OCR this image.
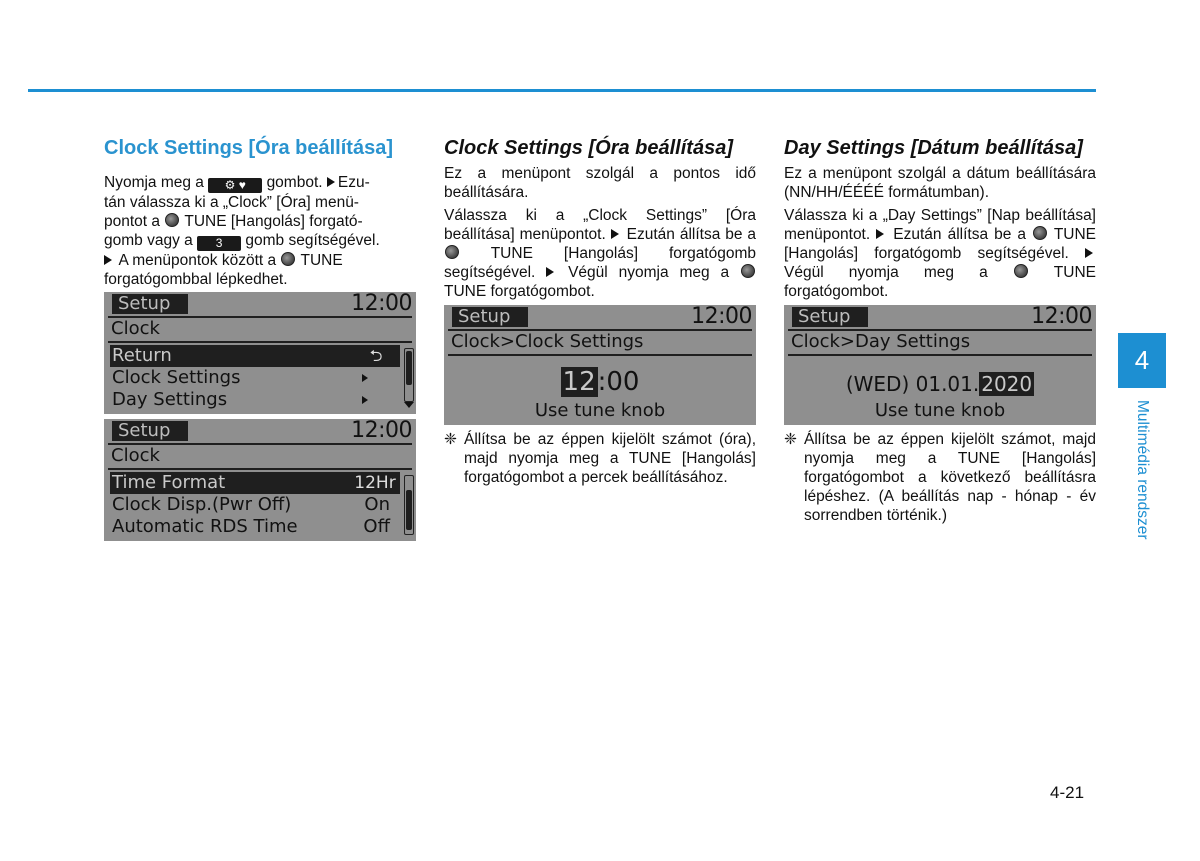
Clock Settings [Óra beállítása]

Nyomja meg a ⚙ ♥ gombot. Ezu-
tán válassza ki a „Clock” [Óra] menü-
pontot a TUNE [Hangolás] forgató-
gomb vagy a 3 gomb segítségével.
A menüpontok között a TUNE
forgatógombbal lépkedhet.

Setup	12:00
Clock
Return	⮌
Clock Settings
Day Settings
Setup	12:00
Clock
Time Format	12Hr
Clock Disp.(Pwr Off)	On
Automatic RDS Time	Off
Clock Settings [Óra beállítása]

Ez a menüpont szolgál a pontos idő beállítására.

Válassza ki a „Clock Settings” [Óra beállítása] menüpontot. Ezután állítsa be a  TUNE [Hangolás] forgatógomb segítségével. Végül nyomja meg a  TUNE forgatógombot.

Setup	12:00
Clock>Clock Settings
12:00
Use tune knob
❈ Állítsa be az éppen kijelölt számot (óra), majd nyomja meg a TUNE [Hangolás] forgatógombot a percek beállításához.
Day Settings [Dátum beállítása]

Ez a menüpont szolgál a dátum beállítására (NN/HH/ÉÉÉÉ formátumban).

Válassza ki a „Day Settings” [Nap beállítása] menüpontot. Ezután állítsa be a TUNE [Hangolás] forgatógomb segítségével.  Végül nyomja meg a	TUNE forgatógombot.

Setup	12:00
Clock>Day Settings
(WED) 01.01. 2020
Use tune knob
❈ Állítsa be az éppen kijelölt számot, majd nyomja meg a TUNE [Hangolás] forgatógombot a következő beállításra lépéshez. (A beállítás nap - hónap - év sorrendben történik.)
4
Multimédia rendszer
4-21
